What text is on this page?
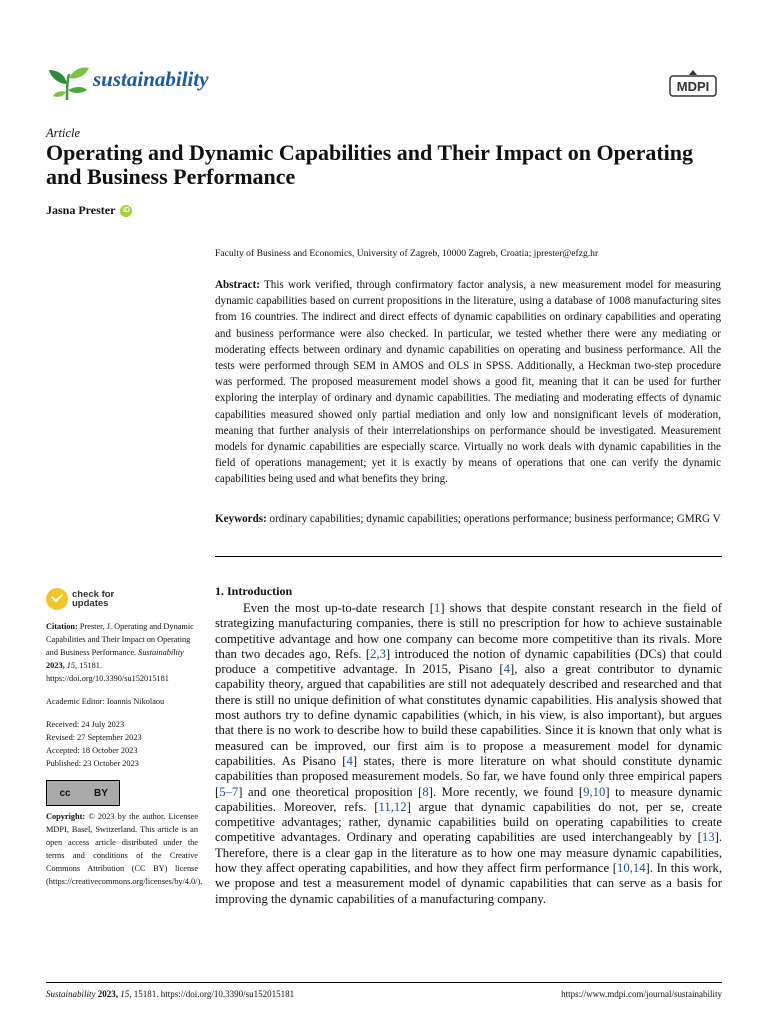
sustainability	MDPI
Article
Operating and Dynamic Capabilities and Their Impact on Operating and Business Performance
Jasna Prester	iD
Faculty of Business and Economics, University of Zagreb, 10000 Zagreb, Croatia; jprester@efzg.hr
Abstract: This work verified, through confirmatory factor analysis, a new measurement model for measuring dynamic capabilities based on current propositions in the literature, using a database of 1008 manufacturing sites from 16 countries. The indirect and direct effects of dynamic capabilities on ordinary capabilities and operating and business performance were also checked. In particular, we tested whether there were any mediating or moderating effects between ordinary and dynamic capabilities on operating and business performance. All the tests were performed through SEM in AMOS and OLS in SPSS. Additionally, a Heckman two-step procedure was performed. The proposed measurement model shows a good fit, meaning that it can be used for further exploring the interplay of ordinary and dynamic capabilities. The mediating and moderating effects of dynamic capabilities measured showed only partial mediation and only low and nonsignificant levels of moderation, meaning that further analysis of their interrelationships on performance should be investigated. Measurement models for dynamic capabilities are especially scarce. Virtually no work deals with dynamic capabilities in the field of operations management; yet it is exactly by means of operations that one can verify the dynamic capabilities being used and what benefits they bring.
Keywords: ordinary capabilities; dynamic capabilities; operations performance; business performance; GMRG V
check for
updates
Citation: Prester, J. Operating and Dynamic Capabilities and Their Impact on Operating and Business Performance. Sustainability 2023, 15, 15181. https://doi.org/10.3390/su152015181
Academic Editor: Ioannis Nikolaou
Received: 24 July 2023
Revised: 27 September 2023
Accepted: 18 October 2023
Published: 23 October 2023
cc	BY
Copyright: © 2023 by the author. Licensee MDPI, Basel, Switzerland. This article is an open access article distributed under the terms and conditions of the Creative Commons Attribution (CC BY) license (https://creativecommons.org/licenses/by/4.0/).
1. Introduction
Even the most up-to-date research [1] shows that despite constant research in the field of strategizing manufacturing companies, there is still no prescription for how to achieve sustainable competitive advantage and how one company can become more competitive than its rivals. More than two decades ago, Refs. [2,3] introduced the notion of dynamic capabilities (DCs) that could produce a competitive advantage. In 2015, Pisano [4], also a great contributor to dynamic capability theory, argued that capabilities are still not adequately described and researched and that there is still no unique definition of what constitutes dynamic capabilities. His analysis showed that most authors try to define dynamic capabilities (which, in his view, is also important), but argues that there is no work to describe how to build these capabilities. Since it is known that only what is measured can be improved, our first aim is to propose a measurement model for dynamic capabilities. As Pisano [4] states, there is more literature on what should constitute dynamic capabilities than proposed measurement models. So far, we have found only three empirical papers [5–7] and one theoretical proposition [8]. More recently, we found [9,10] to measure dynamic capabilities. Moreover, refs. [11,12] argue that dynamic capabilities do not, per se, create competitive advantages; rather, dynamic capabilities build on operating capabilities to create competitive advantages. Ordinary and operating capabilities are used interchangeably by [13]. Therefore, there is a clear gap in the literature as to how one may measure dynamic capabilities, how they affect operating capabilities, and how they affect firm performance [10,14]. In this work, we propose and test a measurement model of dynamic capabilities that can serve as a basis for improving the dynamic capabilities of a manufacturing company.
Sustainability 2023, 15, 15181. https://doi.org/10.3390/su152015181	https://www.mdpi.com/journal/sustainability
